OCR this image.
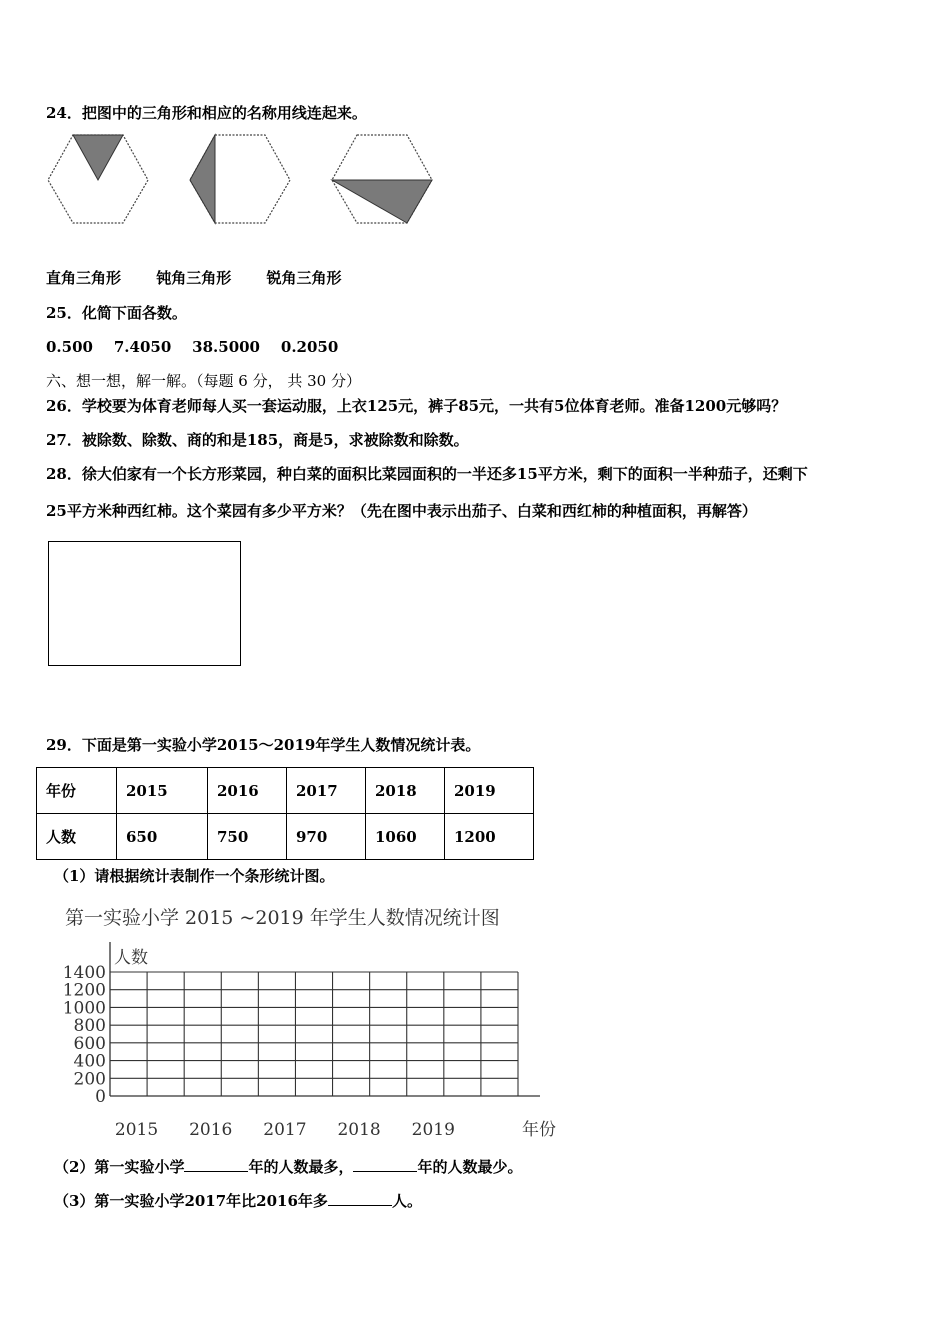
24．把图中的三角形和相应的名称用线连起来。
直角三角形 钝角三角形 锐角三角形
25．化简下面各数。
0.500    7.4050    38.5000    0.2050
六、想一想，解一解。（每题 6 分， 共 30 分）
26．学校要为体育老师每人买一套运动服，上衣125元，裤子85元，一共有5位体育老师。准备1200元够吗？
27．被除数、除数、商的和是185，商是5，求被除数和除数。
28．徐大伯家有一个长方形菜园，种白菜的面积比菜园面积的一半还多15平方米，剩下的面积一半种茄子，还剩下
25平方米种西红柿。这个菜园有多少平方米？（先在图中表示出茄子、白菜和西红柿的种植面积，再解答）
29．下面是第一实验小学2015～2019年学生人数情况统计表。
年份	2015	2016	2017	2018	2019
人数	650	750	970	1060	1200
（1）请根据统计表制作一个条形统计图。
第一实验小学 2015 ~2019 年学生人数情况统计图
0
200
400
600
800
1000
1200
1400
人数
2015 2016 2017 2018 2019	年份
（2）第一实验小学	年的人数最多，	年的人数最少。
（3）第一实验小学2017年比2016年多	人。
